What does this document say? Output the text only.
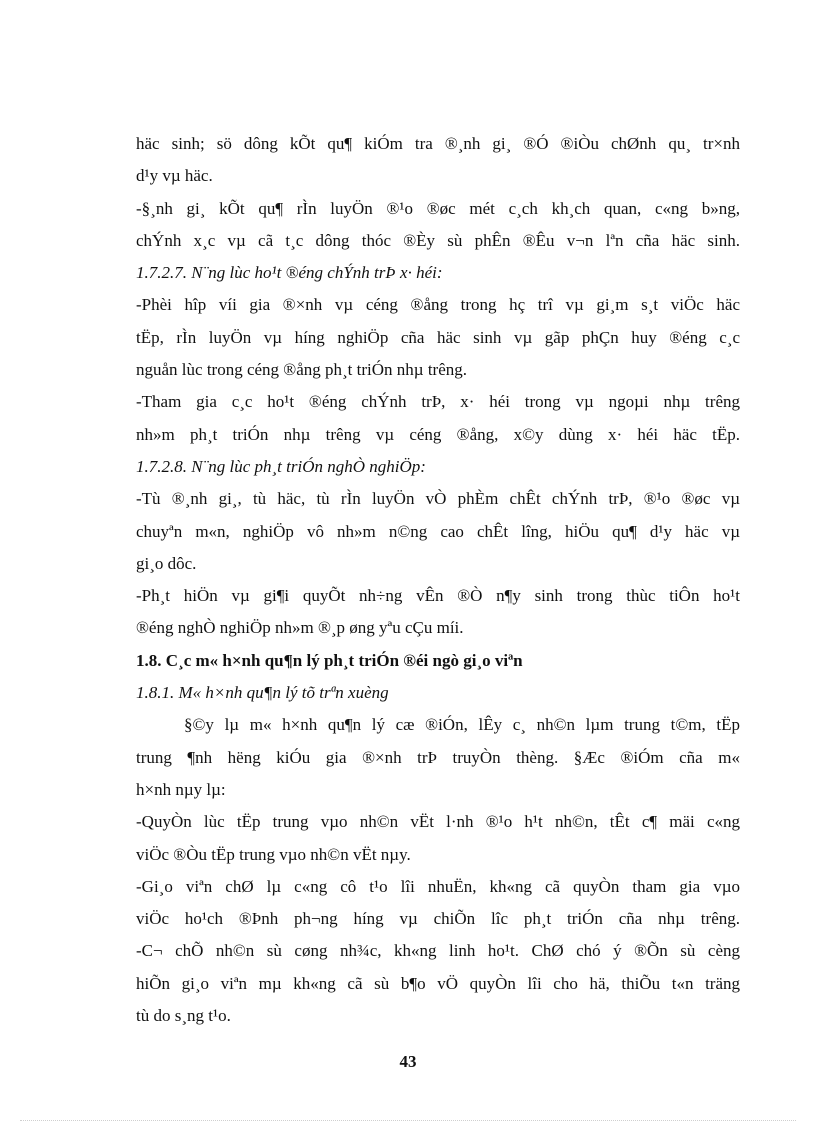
häc sinh; sö dông kÕt qu¶ kiÓm tra ®¸nh gi¸ ®Ó ®iÒu chØnh qu¸ tr×nh
d¹y vµ häc.
-§¸nh gi¸ kÕt qu¶ rÌn luyÖn ®¹o ®øc mét c¸ch kh¸ch quan, c«ng b»ng,
chÝnh x¸c vµ cã t¸c dông thóc ®Èy sù phÊn ®Êu v¬n lªn cña häc sinh.
1.7.2.7. N¨ng lùc ho¹t ®éng chÝnh trÞ x· héi:
-Phèi hîp víi gia ®×nh vµ céng ®ång trong hç trî vµ gi¸m s¸t viÖc häc
tËp, rÌn luyÖn vµ híng nghiÖp cña häc sinh vµ gãp phÇn huy ®éng c¸c
nguån lùc trong céng ®ång ph¸t triÓn nhµ trêng.
-Tham gia c¸c ho¹t ®éng chÝnh trÞ, x· héi trong vµ ngoµi nhµ trêng
nh»m ph¸t triÓn nhµ trêng vµ céng ®ång, x©y dùng x· héi häc tËp.
1.7.2.8. N¨ng lùc ph¸t triÓn nghÒ nghiÖp:
-Tù ®¸nh gi¸, tù häc, tù rÌn luyÖn vÒ phÈm chÊt chÝnh trÞ, ®¹o ®øc vµ
chuyªn m«n, nghiÖp vô nh»m n©ng cao chÊt lîng, hiÖu qu¶ d¹y häc vµ
gi¸o dôc.
-Ph¸t hiÖn vµ gi¶i quyÕt nh÷ng vÊn ®Ò n¶y sinh trong thùc tiÔn ho¹t
®éng nghÒ nghiÖp nh»m ®¸p øng yªu cÇu míi.
1.8. C¸c m« h×nh qu¶n lý ph¸t triÓn ®éi ngò gi¸o viªn
1.8.1. M« h×nh qu¶n lý tõ trªn xuèng
§©y lµ m« h×nh qu¶n lý cæ ®iÓn, lÊy c¸ nh©n lµm trung t©m, tËp
trung ¶nh hëng kiÓu gia ®×nh trÞ truyÒn thèng. §Æc ®iÓm cña m«
h×nh nµy lµ:
-QuyÒn lùc tËp trung vµo nh©n vËt l·nh ®¹o h¹t nh©n, tÊt c¶ mäi c«ng
viÖc ®Òu tËp trung vµo nh©n vËt nµy.
-Gi¸o viªn chØ lµ c«ng cô t¹o lîi nhuËn, kh«ng cã quyÒn tham gia vµo
viÖc ho¹ch ®Þnh ph¬ng híng vµ chiÕn lîc ph¸t triÓn cña nhµ trêng.
-C¬ chÕ nh©n sù cøng nh¾c, kh«ng linh ho¹t. ChØ chó ý ®Õn sù cèng
hiÕn gi¸o viªn mµ kh«ng cã sù b¶o vÖ quyÒn lîi cho hä, thiÕu t«n träng
tù do s¸ng t¹o.
43
